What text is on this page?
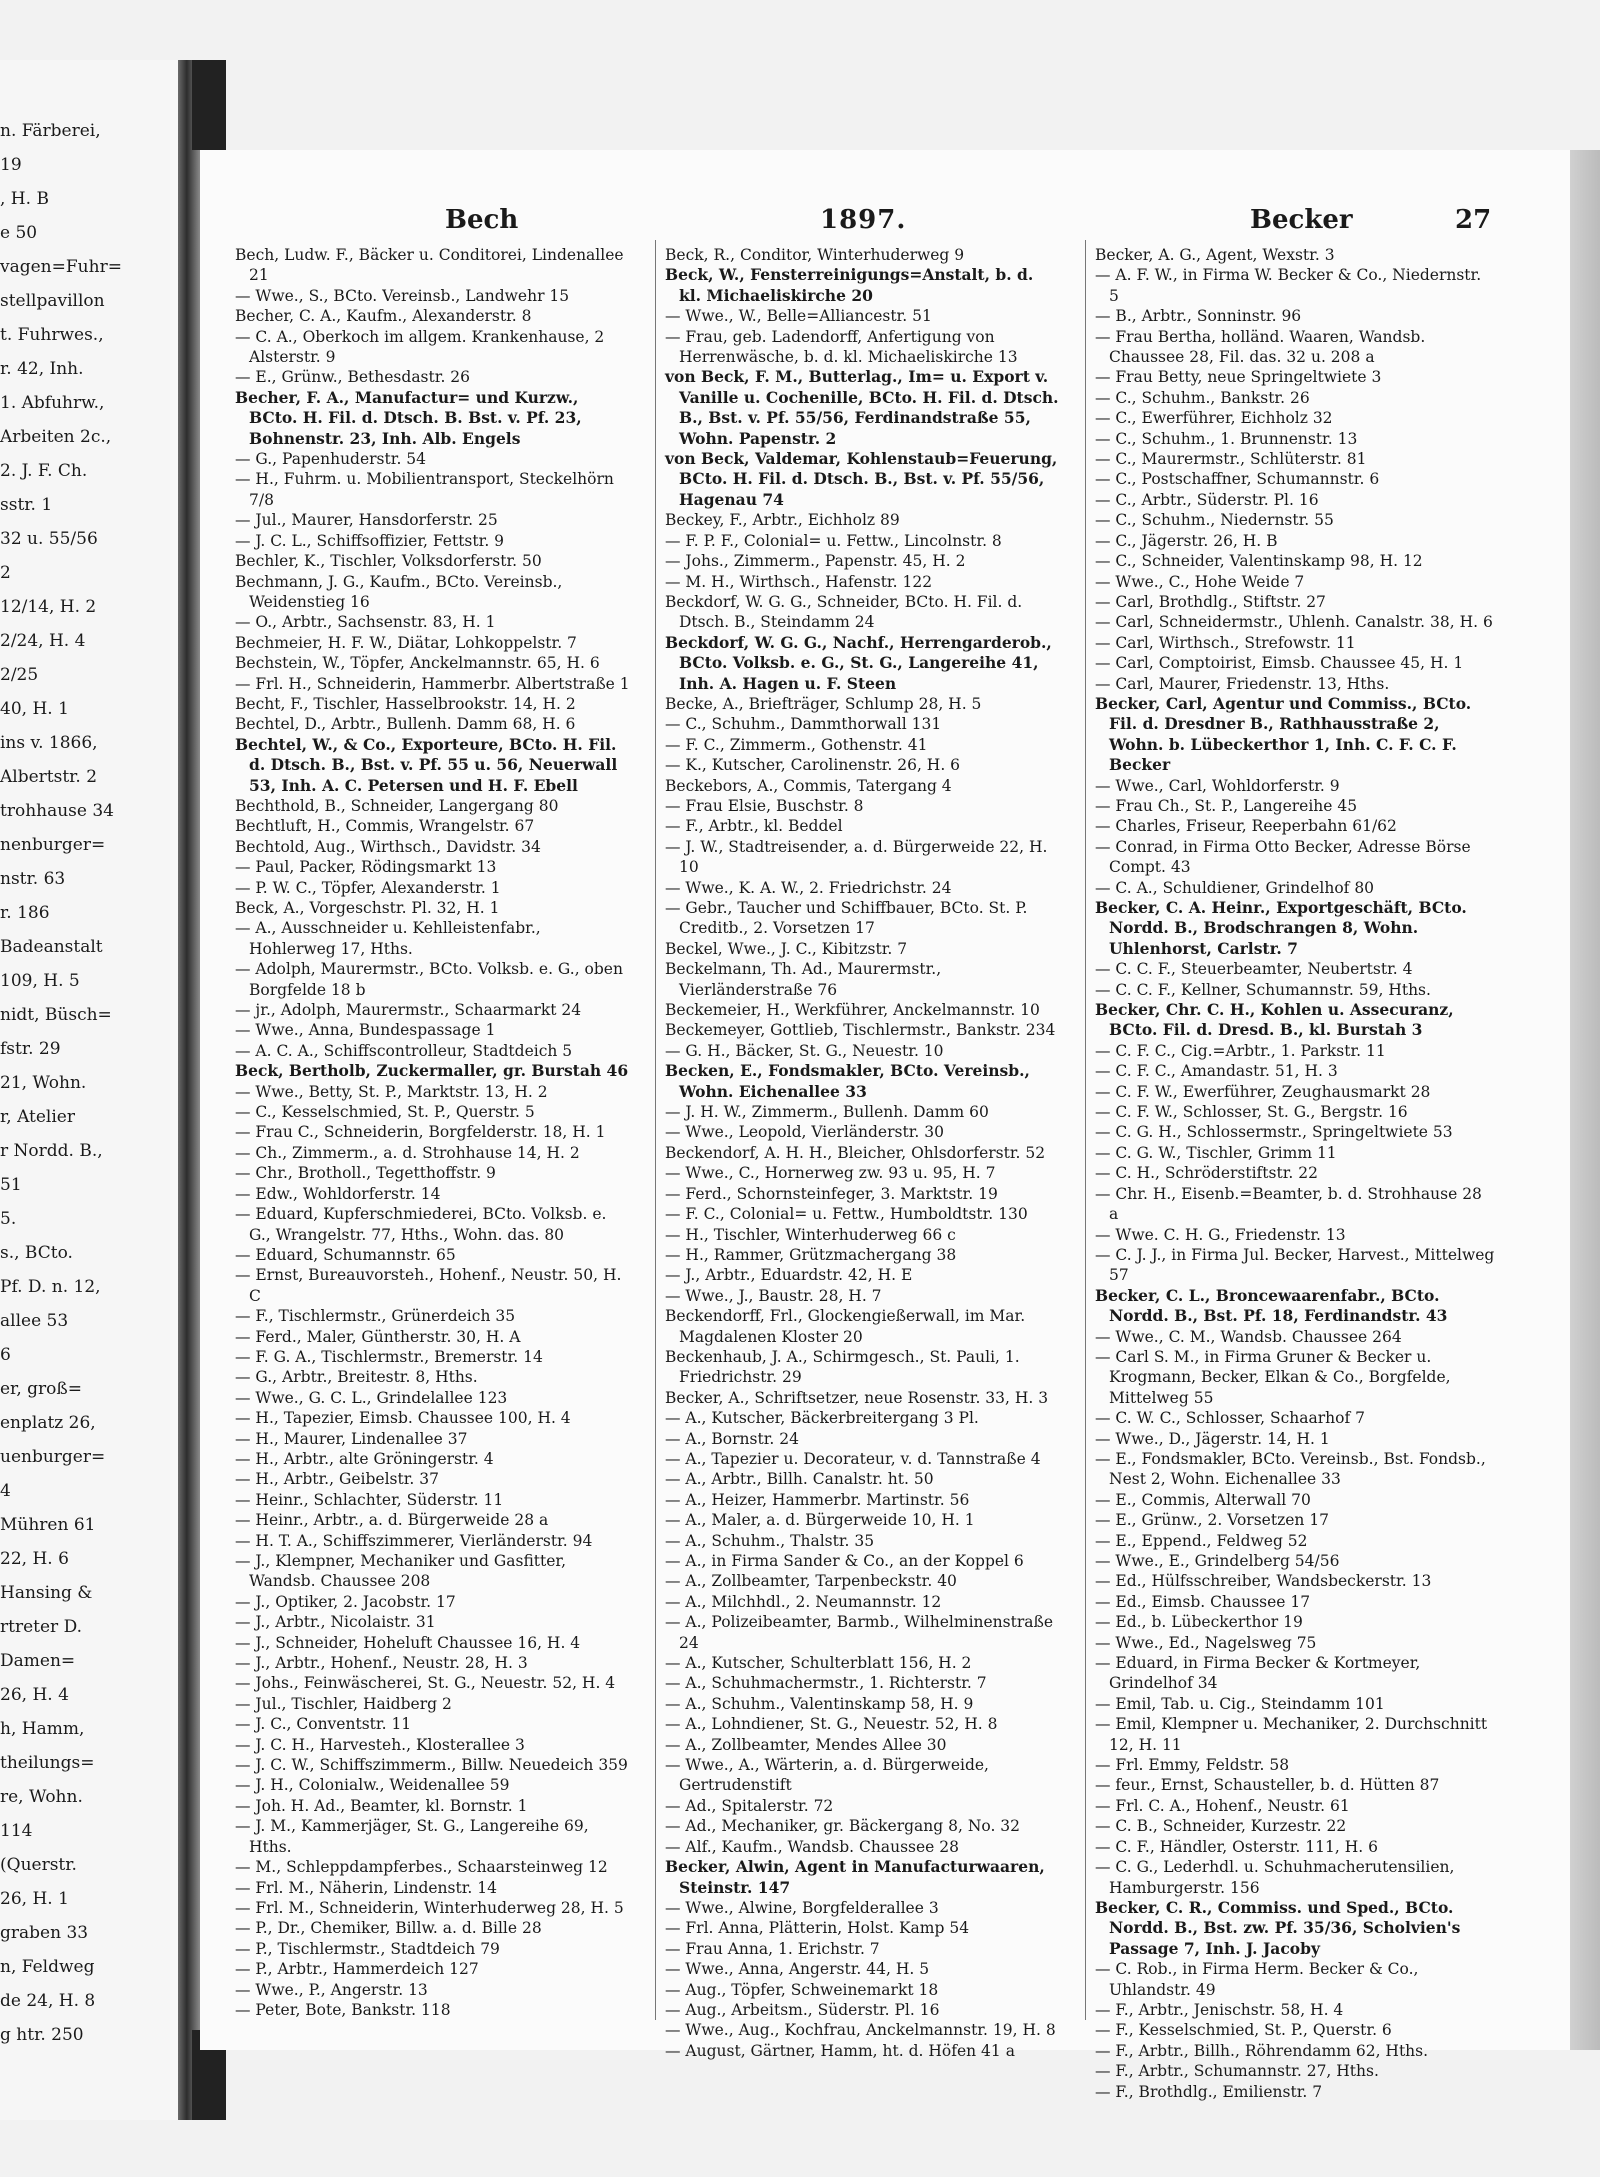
n. Färberei,
19
, H. B
e 50
vagen=Fuhr=
stellpavillon
t. Fuhrwes.,
r. 42, Inh.
1. Abfuhrw.,
Arbeiten 2c.,
2. J. F. Ch.
sstr. 1
32 u. 55/56
2
12/14, H. 2
2/24, H. 4
2/25
40, H. 1
ins v. 1866,
Albertstr. 2
trohhause 34
nenburger=
nstr. 63
r. 186
Badeanstalt
109, H. 5
nidt, Büsch=
fstr. 29
21, Wohn.
r, Atelier
r Nordd. B.,
51
5.
s., BCto.
Pf. D. n. 12,
allee 53
6
er, groß=
enplatz 26,
uenburger=
4
Mühren 61
22, H. 6
Hansing &
rtreter D.
Damen=
26, H. 4
h, Hamm,
theilungs=
re, Wohn.
114
(Querstr.
26, H. 1
graben 33
n, Feldweg
de 24, H. 8
g htr. 250
Bech	1897.	Becker	27

Bech, Ludw. F., Bäcker u. Conditorei, Lindenallee 21

— Wwe., S., BCto. Vereinsb., Landwehr 15

Becher, C. A., Kaufm., Alexanderstr. 8

— C. A., Oberkoch im allgem. Krankenhause, 2 Alsterstr. 9

— E., Grünw., Bethesdastr. 26

Becher, F. A., Manufactur= und Kurzw., BCto. H. Fil. d. Dtsch. B. Bst. v. Pf. 23, Bohnenstr. 23, Inh. Alb. Engels

— G., Papenhuderstr. 54

— H., Fuhrm. u. Mobilientransport, Steckelhörn 7/8

— Jul., Maurer, Hansdorferstr. 25

— J. C. L., Schiffsoffizier, Fettstr. 9

Bechler, K., Tischler, Volksdorferstr. 50

Bechmann, J. G., Kaufm., BCto. Vereinsb., Weidenstieg 16

— O., Arbtr., Sachsenstr. 83, H. 1

Bechmeier, H. F. W., Diätar, Lohkoppelstr. 7

Bechstein, W., Töpfer, Anckelmannstr. 65, H. 6

— Frl. H., Schneiderin, Hammerbr. Albertstraße 1

Becht, F., Tischler, Hasselbrookstr. 14, H. 2

Bechtel, D., Arbtr., Bullenh. Damm 68, H. 6

Bechtel, W., & Co., Exporteure, BCto. H. Fil. d. Dtsch. B., Bst. v. Pf. 55 u. 56, Neuerwall 53, Inh. A. C. Petersen und H. F. Ebell

Bechthold, B., Schneider, Langergang 80

Bechtluft, H., Commis, Wrangelstr. 67

Bechtold, Aug., Wirthsch., Davidstr. 34

— Paul, Packer, Rödingsmarkt 13

— P. W. C., Töpfer, Alexanderstr. 1

Beck, A., Vorgeschstr. Pl. 32, H. 1

— A., Ausschneider u. Kehlleistenfabr., Hohlerweg 17, Hths.

— Adolph, Maurermstr., BCto. Volksb. e. G., oben Borgfelde 18 b

— jr., Adolph, Maurermstr., Schaarmarkt 24

— Wwe., Anna, Bundespassage 1

— A. C. A., Schiffscontrolleur, Stadtdeich 5

Beck, Bertholb, Zuckermaller, gr. Burstah 46

— Wwe., Betty, St. P., Marktstr. 13, H. 2

— C., Kesselschmied, St. P., Querstr. 5

— Frau C., Schneiderin, Borgfelderstr. 18, H. 1

— Ch., Zimmerm., a. d. Strohhause 14, H. 2

— Chr., Brotholl., Tegetthoffstr. 9

— Edw., Wohldorferstr. 14

— Eduard, Kupferschmiederei, BCto. Volksb. e. G., Wrangelstr. 77, Hths., Wohn. das. 80

— Eduard, Schumannstr. 65

— Ernst, Bureauvorsteh., Hohenf., Neustr. 50, H. C

— F., Tischlermstr., Grünerdeich 35

— Ferd., Maler, Güntherstr. 30, H. A

— F. G. A., Tischlermstr., Bremerstr. 14

— G., Arbtr., Breitestr. 8, Hths.

— Wwe., G. C. L., Grindelallee 123

— H., Tapezier, Eimsb. Chaussee 100, H. 4

— H., Maurer, Lindenallee 37

— H., Arbtr., alte Gröningerstr. 4

— H., Arbtr., Geibelstr. 37

— Heinr., Schlachter, Süderstr. 11

— Heinr., Arbtr., a. d. Bürgerweide 28 a

— H. T. A., Schiffszimmerer, Vierländerstr. 94

— J., Klempner, Mechaniker und Gasfitter, Wandsb. Chaussee 208

— J., Optiker, 2. Jacobstr. 17

— J., Arbtr., Nicolaistr. 31

— J., Schneider, Hoheluft Chaussee 16, H. 4

— J., Arbtr., Hohenf., Neustr. 28, H. 3

— Johs., Feinwäscherei, St. G., Neuestr. 52, H. 4

— Jul., Tischler, Haidberg 2

— J. C., Conventstr. 11

— J. C. H., Harvesteh., Klosterallee 3

— J. C. W., Schiffszimmerm., Billw. Neuedeich 359

— J. H., Colonialw., Weidenallee 59

— Joh. H. Ad., Beamter, kl. Bornstr. 1

— J. M., Kammerjäger, St. G., Langereihe 69, Hths.

— M., Schleppdampferbes., Schaarsteinweg 12

— Frl. M., Näherin, Lindenstr. 14

— Frl. M., Schneiderin, Winterhuderweg 28, H. 5

— P., Dr., Chemiker, Billw. a. d. Bille 28

— P., Tischlermstr., Stadtdeich 79

— P., Arbtr., Hammerdeich 127

— Wwe., P., Angerstr. 13

— Peter, Bote, Bankstr. 118

Beck, R., Conditor, Winterhuderweg 9

Beck, W., Fensterreinigungs=Anstalt, b. d. kl. Michaeliskirche 20

— Wwe., W., Belle=Alliancestr. 51

— Frau, geb. Ladendorff, Anfertigung von Herrenwäsche, b. d. kl. Michaeliskirche 13

von Beck, F. M., Butterlag., Im= u. Export v. Vanille u. Cochenille, BCto. H. Fil. d. Dtsch. B., Bst. v. Pf. 55/56, Ferdinandstraße 55, Wohn. Papenstr. 2

von Beck, Valdemar, Kohlenstaub=Feuerung, BCto. H. Fil. d. Dtsch. B., Bst. v. Pf. 55/56, Hagenau 74

Beckey, F., Arbtr., Eichholz 89

— F. P. F., Colonial= u. Fettw., Lincolnstr. 8

— Johs., Zimmerm., Papenstr. 45, H. 2

— M. H., Wirthsch., Hafenstr. 122

Beckdorf, W. G. G., Schneider, BCto. H. Fil. d. Dtsch. B., Steindamm 24

Beckdorf, W. G. G., Nachf., Herrengarderob., BCto. Volksb. e. G., St. G., Langereihe 41, Inh. A. Hagen u. F. Steen

Becke, A., Briefträger, Schlump 28, H. 5

— C., Schuhm., Dammthorwall 131

— F. C., Zimmerm., Gothenstr. 41

— K., Kutscher, Carolinenstr. 26, H. 6

Beckebors, A., Commis, Tatergang 4

— Frau Elsie, Buschstr. 8

— F., Arbtr., kl. Beddel

— J. W., Stadtreisender, a. d. Bürgerweide 22, H. 10

— Wwe., K. A. W., 2. Friedrichstr. 24

— Gebr., Taucher und Schiffbauer, BCto. St. P. Creditb., 2. Vorsetzen 17

Beckel, Wwe., J. C., Kibitzstr. 7

Beckelmann, Th. Ad., Maurermstr., Vierländerstraße 76

Beckemeier, H., Werkführer, Anckelmannstr. 10

Beckemeyer, Gottlieb, Tischlermstr., Bankstr. 234

— G. H., Bäcker, St. G., Neuestr. 10

Becken, E., Fondsmakler, BCto. Vereinsb., Wohn. Eichenallee 33

— J. H. W., Zimmerm., Bullenh. Damm 60

— Wwe., Leopold, Vierländerstr. 30

Beckendorf, A. H. H., Bleicher, Ohlsdorferstr. 52

— Wwe., C., Hornerweg zw. 93 u. 95, H. 7

— Ferd., Schornsteinfeger, 3. Marktstr. 19

— F. C., Colonial= u. Fettw., Humboldtstr. 130

— H., Tischler, Winterhuderweg 66 c

— H., Rammer, Grützmachergang 38

— J., Arbtr., Eduardstr. 42, H. E

— Wwe., J., Baustr. 28, H. 7

Beckendorff, Frl., Glockengießerwall, im Mar. Magdalenen Kloster 20

Beckenhaub, J. A., Schirmgesch., St. Pauli, 1. Friedrichstr. 29

Becker, A., Schriftsetzer, neue Rosenstr. 33, H. 3

— A., Kutscher, Bäckerbreitergang 3 Pl.

— A., Bornstr. 24

— A., Tapezier u. Decorateur, v. d. Tannstraße 4

— A., Arbtr., Billh. Canalstr. ht. 50

— A., Heizer, Hammerbr. Martinstr. 56

— A., Maler, a. d. Bürgerweide 10, H. 1

— A., Schuhm., Thalstr. 35

— A., in Firma Sander & Co., an der Koppel 6

— A., Zollbeamter, Tarpenbeckstr. 40

— A., Milchhdl., 2. Neumannstr. 12

— A., Polizeibeamter, Barmb., Wilhelminenstraße 24

— A., Kutscher, Schulterblatt 156, H. 2

— A., Schuhmachermstr., 1. Richterstr. 7

— A., Schuhm., Valentinskamp 58, H. 9

— A., Lohndiener, St. G., Neuestr. 52, H. 8

— A., Zollbeamter, Mendes Allee 30

— Wwe., A., Wärterin, a. d. Bürgerweide, Gertrudenstift

— Ad., Spitalerstr. 72

— Ad., Mechaniker, gr. Bäckergang 8, No. 32

— Alf., Kaufm., Wandsb. Chaussee 28

Becker, Alwin, Agent in Manufacturwaaren, Steinstr. 147

— Wwe., Alwine, Borgfelderallee 3

— Frl. Anna, Plätterin, Holst. Kamp 54

— Frau Anna, 1. Erichstr. 7

— Wwe., Anna, Angerstr. 44, H. 5

— Aug., Töpfer, Schweinemarkt 18

— Aug., Arbeitsm., Süderstr. Pl. 16

— Wwe., Aug., Kochfrau, Anckelmannstr. 19, H. 8

— August, Gärtner, Hamm, ht. d. Höfen 41 a

Becker, A. G., Agent, Wexstr. 3

— A. F. W., in Firma W. Becker & Co., Niedernstr. 5

— B., Arbtr., Sonninstr. 96

— Frau Bertha, holländ. Waaren, Wandsb. Chaussee 28, Fil. das. 32 u. 208 a

— Frau Betty, neue Springeltwiete 3

— C., Schuhm., Bankstr. 26

— C., Ewerführer, Eichholz 32

— C., Schuhm., 1. Brunnenstr. 13

— C., Maurermstr., Schlüterstr. 81

— C., Postschaffner, Schumannstr. 6

— C., Arbtr., Süderstr. Pl. 16

— C., Schuhm., Niedernstr. 55

— C., Jägerstr. 26, H. B

— C., Schneider, Valentinskamp 98, H. 12

— Wwe., C., Hohe Weide 7

— Carl, Brothdlg., Stiftstr. 27

— Carl, Schneidermstr., Uhlenh. Canalstr. 38, H. 6

— Carl, Wirthsch., Strefowstr. 11

— Carl, Comptoirist, Eimsb. Chaussee 45, H. 1

— Carl, Maurer, Friedenstr. 13, Hths.

Becker, Carl, Agentur und Commiss., BCto. Fil. d. Dresdner B., Rathhausstraße 2, Wohn. b. Lübeckerthor 1, Inh. C. F. C. F. Becker

— Wwe., Carl, Wohldorferstr. 9

— Frau Ch., St. P., Langereihe 45

— Charles, Friseur, Reeperbahn 61/62

— Conrad, in Firma Otto Becker, Adresse Börse Compt. 43

— C. A., Schuldiener, Grindelhof 80

Becker, C. A. Heinr., Exportgeschäft, BCto. Nordd. B., Brodschrangen 8, Wohn. Uhlenhorst, Carlstr. 7

— C. C. F., Steuerbeamter, Neubertstr. 4

— C. C. F., Kellner, Schumannstr. 59, Hths.

Becker, Chr. C. H., Kohlen u. Assecuranz, BCto. Fil. d. Dresd. B., kl. Burstah 3

— C. F. C., Cig.=Arbtr., 1. Parkstr. 11

— C. F. C., Amandastr. 51, H. 3

— C. F. W., Ewerführer, Zeughausmarkt 28

— C. F. W., Schlosser, St. G., Bergstr. 16

— C. G. H., Schlossermstr., Springeltwiete 53

— C. G. W., Tischler, Grimm 11

— C. H., Schröderstiftstr. 22

— Chr. H., Eisenb.=Beamter, b. d. Strohhause 28 a

— Wwe. C. H. G., Friedenstr. 13

— C. J. J., in Firma Jul. Becker, Harvest., Mittelweg 57

Becker, C. L., Broncewaarenfabr., BCto. Nordd. B., Bst. Pf. 18, Ferdinandstr. 43

— Wwe., C. M., Wandsb. Chaussee 264

— Carl S. M., in Firma Gruner & Becker u. Krogmann, Becker, Elkan & Co., Borgfelde, Mittelweg 55

— C. W. C., Schlosser, Schaarhof 7

— Wwe., D., Jägerstr. 14, H. 1

— E., Fondsmakler, BCto. Vereinsb., Bst. Fondsb., Nest 2, Wohn. Eichenallee 33

— E., Commis, Alterwall 70

— E., Grünw., 2. Vorsetzen 17

— E., Eppend., Feldweg 52

— Wwe., E., Grindelberg 54/56

— Ed., Hülfsschreiber, Wandsbeckerstr. 13

— Ed., Eimsb. Chaussee 17

— Ed., b. Lübeckerthor 19

— Wwe., Ed., Nagelsweg 75

— Eduard, in Firma Becker & Kortmeyer, Grindelhof 34

— Emil, Tab. u. Cig., Steindamm 101

— Emil, Klempner u. Mechaniker, 2. Durchschnitt 12, H. 11

— Frl. Emmy, Feldstr. 58

— feur., Ernst, Schausteller, b. d. Hütten 87

— Frl. C. A., Hohenf., Neustr. 61

— C. B., Schneider, Kurzestr. 22

— C. F., Händler, Osterstr. 111, H. 6

— C. G., Lederhdl. u. Schuhmacherutensilien, Hamburgerstr. 156

Becker, C. R., Commiss. und Sped., BCto. Nordd. B., Bst. zw. Pf. 35/36, Scholvien's Passage 7, Inh. J. Jacoby

— C. Rob., in Firma Herm. Becker & Co., Uhlandstr. 49

— F., Arbtr., Jenischstr. 58, H. 4

— F., Kesselschmied, St. P., Querstr. 6

— F., Arbtr., Billh., Röhrendamm 62, Hths.

— F., Arbtr., Schumannstr. 27, Hths.

— F., Brothdlg., Emilienstr. 7
